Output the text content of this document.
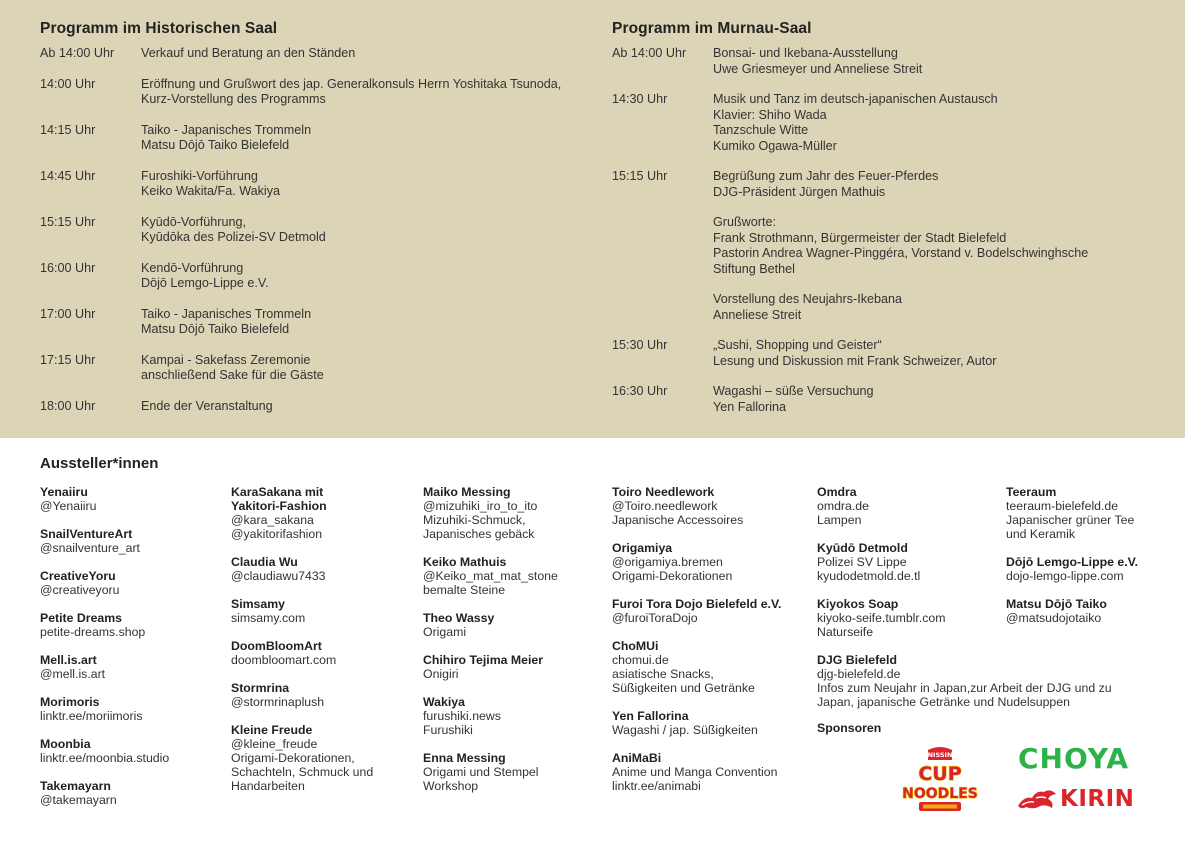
Programm im Historischen Saal
Ab 14:00 Uhr	Verkauf und Beratung an den Ständen
14:00 Uhr	Eröffnung und Grußwort des jap. Generalkonsuls Herrn Yoshitaka Tsunoda,
Kurz-Vorstellung des Programms
14:15 Uhr	Taiko - Japanisches Trommeln
Matsu Dōjō Taiko Bielefeld
14:45 Uhr	Furoshiki-Vorführung
Keiko Wakita/Fa. Wakiya
15:15 Uhr	Kyūdō-Vorführung,
Kyūdōka des Polizei-SV Detmold
16:00 Uhr	Kendō-Vorführung
Dōjō Lemgo-Lippe e.V.
17:00 Uhr	Taiko - Japanisches Trommeln
Matsu Dōjō Taiko Bielefeld
17:15 Uhr	Kampai - Sakefass Zeremonie
anschließend Sake für die Gäste
18:00 Uhr	Ende der Veranstaltung
Programm im Murnau-Saal
Ab 14:00 Uhr	Bonsai- und Ikebana-Ausstellung
Uwe Griesmeyer und Anneliese Streit
14:30 Uhr	Musik und Tanz im deutsch-japanischen Austausch
Klavier: Shiho Wada
Tanzschule Witte
Kumiko Ogawa-Müller
15:15 Uhr	Begrüßung zum Jahr des Feuer-Pferdes
DJG-Präsident Jürgen Mathuis
Grußworte:
Frank Strothmann, Bürgermeister der Stadt Bielefeld
Pastorin Andrea Wagner-Pinggéra, Vorstand v. Bodelschwinghsche
Stiftung Bethel
Vorstellung des Neujahrs-Ikebana
Anneliese Streit
15:30 Uhr	„Sushi, Shopping und Geister“
Lesung und Diskussion mit Frank Schweizer, Autor
16:30 Uhr	Wagashi – süße Versuchung
Yen Fallorina
Aussteller*innen
Yenaiiru
@Yenaiiru
SnailVentureArt
@snailventure_art
CreativeYoru
@creativeyoru
Petite Dreams
petite-dreams.shop
Mell.is.art
@mell.is.art
Morimoris
linktr.ee/moriimoris
Moonbia
linktr.ee/moonbia.studio
Takemayarn
@takemayarn
KaraSakana mit
Yakitori-Fashion
@kara_sakana
@yakitorifashion
Claudia Wu
@claudiawu7433
Simsamy
simsamy.com
DoomBloomArt
doombloomart.com
Stormrina
@stormrinaplush
Kleine Freude
@kleine_freude
Origami-Dekorationen,
Schachteln, Schmuck und
Handarbeiten
Maiko Messing
@mizuhiki_iro_to_ito
Mizuhiki-Schmuck,
Japanisches gebäck
Keiko Mathuis
@Keiko_mat_mat_stone
bemalte Steine
Theo Wassy
Origami
Chihiro Tejima Meier
Onigiri
Wakiya
furushiki.news
Furushiki
Enna Messing
Origami und Stempel
Workshop
Toiro Needlework
@Toiro.needlework
Japanische Accessoires
Origamiya
@origamiya.bremen
Origami-Dekorationen
Furoi Tora Dojo Bielefeld e.V.
@furoiToraDojo
ChoMUi
chomui.de
asiatische Snacks,
Süßigkeiten und Getränke
Yen Fallorina
Wagashi / jap. Süßigkeiten
AniMaBi
Anime und Manga Convention
linktr.ee/animabi
Omdra
omdra.de
Lampen
Kyūdō Detmold
Polizei SV Lippe
kyudodetmold.de.tl
Kiyokos Soap
kiyoko-seife.tumblr.com
Naturseife
DJG Bielefeld
djg-bielefeld.de
Infos zum Neujahr in Japan,zur Arbeit der DJG und zu
Japan, japanische Getränke und Nudelsuppen
Teeraum
teeraum-bielefeld.de
Japanischer grüner Tee
und Keramik
Dōjō Lemgo-Lippe e.V.
dojo-lemgo-lippe.com
Matsu Dōjō Taiko
@matsudojotaiko
Sponsoren
NISSIN
CUP
NOODLES
CHOYA
KIRIN
